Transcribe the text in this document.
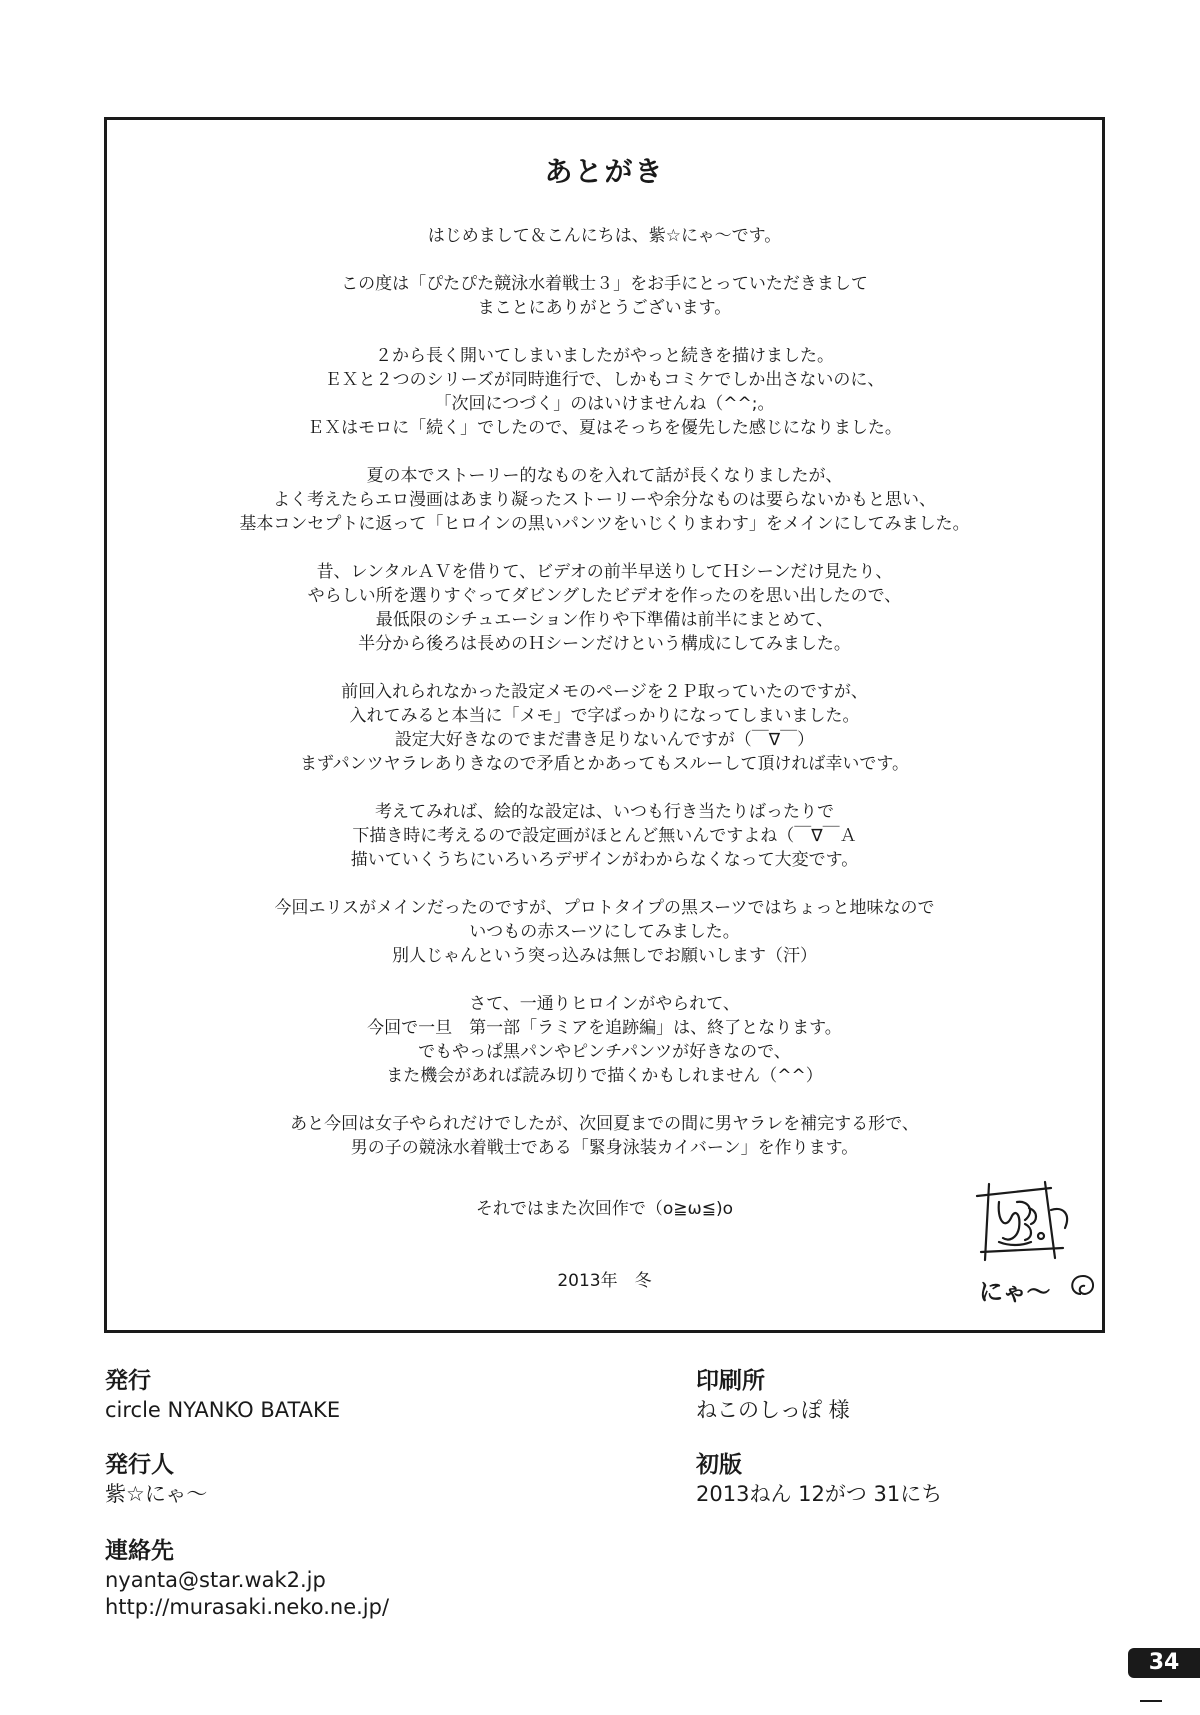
あとがき

はじめまして＆こんにちは、紫☆にゃ～です。

この度は「ぴたぴた競泳水着戦士３」をお手にとっていただきまして
まことにありがとうございます。

２から長く開いてしまいましたがやっと続きを描けました。
ＥＸと２つのシリーズが同時進行で、しかもコミケでしか出さないのに、
「次回につづく」のはいけませんね（^^;。
ＥＸはモロに「続く」でしたので、夏はそっちを優先した感じになりました。

夏の本でストーリー的なものを入れて話が長くなりましたが、
よく考えたらエロ漫画はあまり凝ったストーリーや余分なものは要らないかもと思い、
基本コンセプトに返って「ヒロインの黒いパンツをいじくりまわす」をメインにしてみました。

昔、レンタルＡＶを借りて、ビデオの前半早送りしてＨシーンだけ見たり、
やらしい所を選りすぐってダビングしたビデオを作ったのを思い出したので、
最低限のシチュエーション作りや下準備は前半にまとめて、
半分から後ろは長めのＨシーンだけという構成にしてみました。

前回入れられなかった設定メモのページを２Ｐ取っていたのですが、
入れてみると本当に「メモ」で字ばっかりになってしまいました。
設定大好きなのでまだ書き足りないんですが（￣∇￣）
まずパンツヤラレありきなので矛盾とかあってもスルーして頂ければ幸いです。

考えてみれば、絵的な設定は、いつも行き当たりばったりで
下描き時に考えるので設定画がほとんど無いんですよね（￣∇￣Ａ
描いていくうちにいろいろデザインがわからなくなって大変です。

今回エリスがメインだったのですが、プロトタイプの黒スーツではちょっと地味なので
いつもの赤スーツにしてみました。
別人じゃんという突っ込みは無しでお願いします（汗）

さて、一通りヒロインがやられて、
今回で一旦　第一部「ラミアを追跡編」は、終了となります。
でもやっぱ黒パンやピンチパンツが好きなので、
また機会があれば読み切りで描くかもしれません（^^）

あと今回は女子やられだけでしたが、次回夏までの間に男ヤラレを補完する形で、
男の子の競泳水着戦士である「緊身泳装カイバーン」を作ります。

それではまた次回作で（o≧ω≦)o
2013年　冬	にゃ～
発行
circle NYANKO BATAKE
発行人
紫☆にゃ～
連絡先
nyanta@star.wak2.jp
http://murasaki.neko.ne.jp/
印刷所
ねこのしっぽ 様
初版
2013ねん 12がつ 31にち
34
